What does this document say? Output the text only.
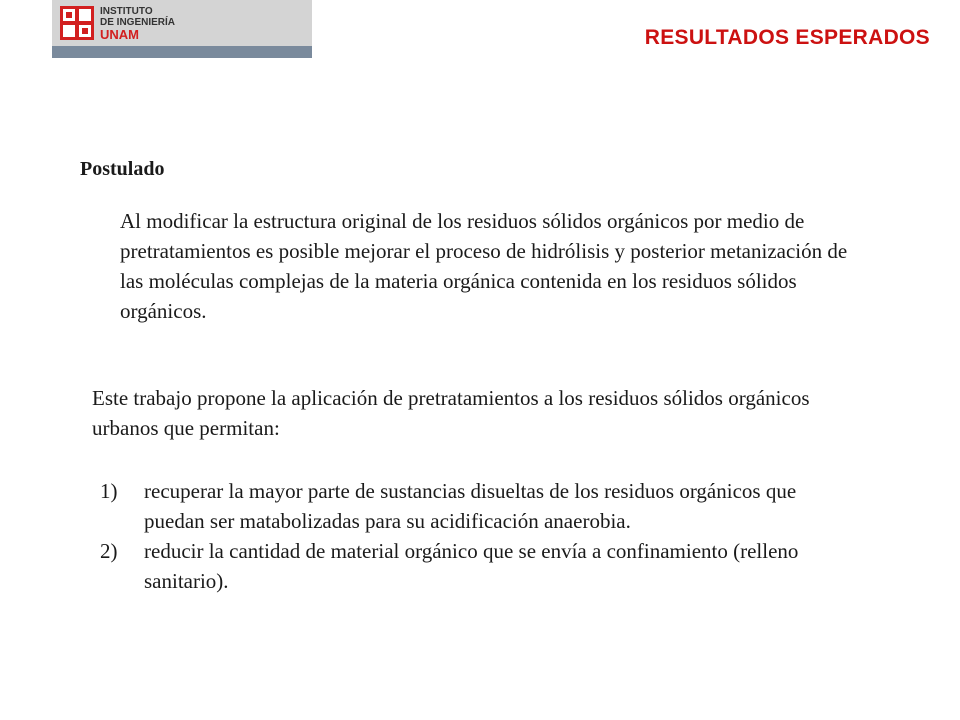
INSTITUTO
DE INGENIERÍA
UNAM	RESULTADOS ESPERADOS
Postulado

Al modificar la estructura original de los residuos sólidos orgánicos por medio de pretratamientos es posible mejorar el proceso de hidrólisis y posterior metanización de las moléculas complejas de la materia orgánica contenida en los residuos sólidos orgánicos.

Este trabajo propone la aplicación de pretratamientos a los residuos sólidos orgánicos urbanos que permitan:

1)	recuperar la mayor parte de sustancias disueltas de los residuos orgánicos que puedan ser matabolizadas para su acidificación anaerobia.
2)	reducir la cantidad de material orgánico que se envía a confinamiento (relleno sanitario).
